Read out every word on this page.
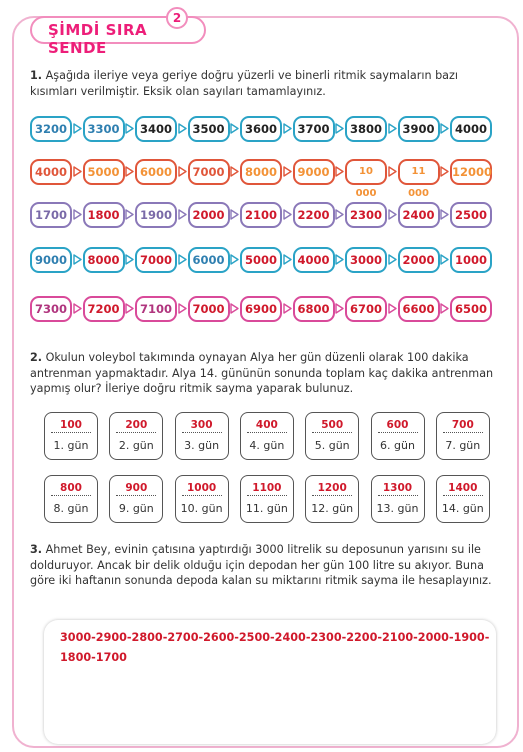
ŞİMDİ SIRA SENDE
2
1. Aşağıda ileriye veya geriye doğru yüzerli ve binerli ritmik saymaların bazı kısımları verilmiştir. Eksik olan sayıları tamamlayınız.
3200	3300	3400	3500	3600	3700	3800	3900	4000
4000	5000	6000	7000	8000	9000	10 000
11 000
12000
1700	1800	1900	2000	2100	2200	2300	2400	2500
9000	8000	7000	6000	5000	4000	3000	2000	1000
7300	7200	7100	7000	6900	6800	6700	6600	6500
2. Okulun voleybol takımında oynayan Alya her gün düzenli olarak 100 dakika antrenman yapmaktadır. Alya 14. gününün sonunda toplam kaç dakika antrenman yapmış olur? İleriye doğru ritmik sayma yaparak bulunuz.
100
1. gün
200
2. gün
300
3. gün
400
4. gün
500
5. gün
600
6. gün
700
7. gün
800
8. gün
900
9. gün
1000
10. gün
1100
11. gün
1200
12. gün
1300
13. gün
1400
14. gün
3. Ahmet Bey, evinin çatısına yaptırdığı 3000 litrelik su deposunun yarısını su ile dolduruyor. Ancak bir delik olduğu için depodan her gün 100 litre su akıyor. Buna göre iki haftanın sonunda depoda kalan su miktarını ritmik sayma ile hesaplayınız.
3000-2900-2800-2700-2600-2500-2400-2300-2200-2100-2000-1900-1800-1700
